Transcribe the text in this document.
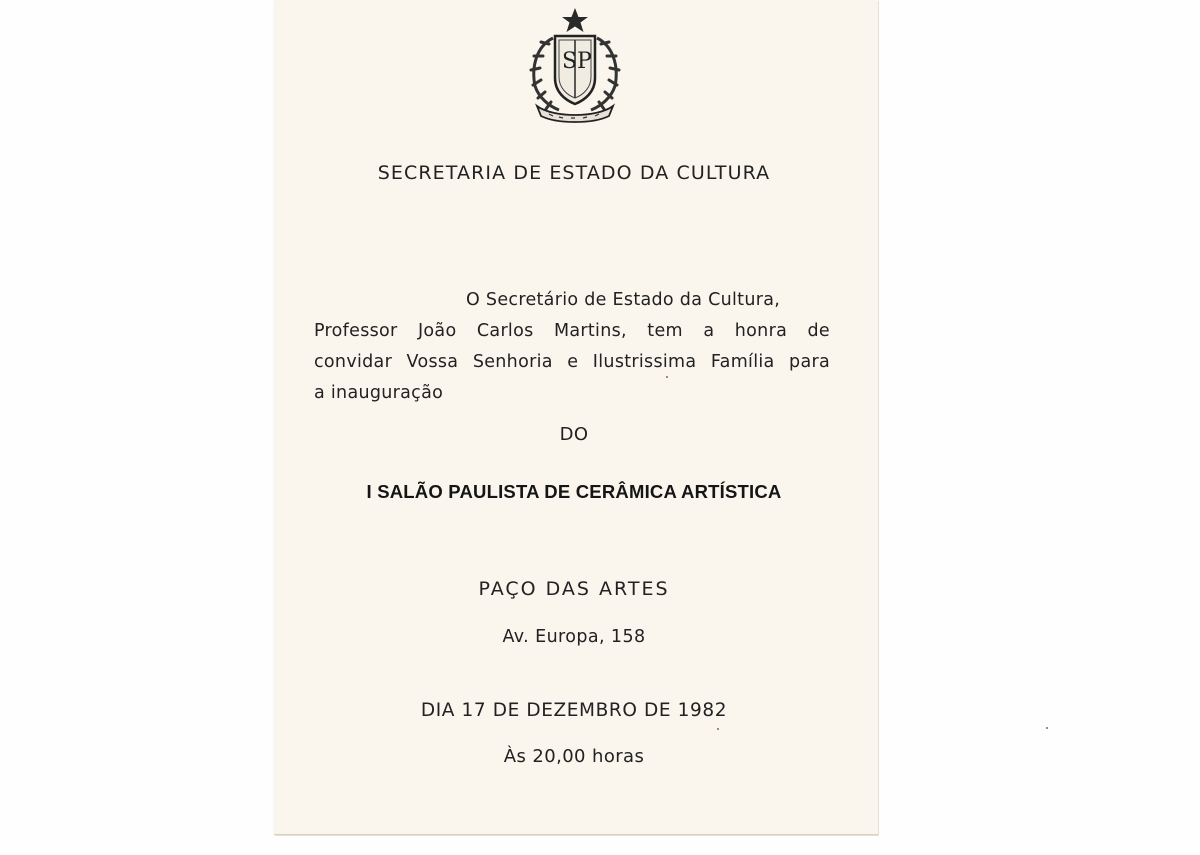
S P
SECRETARIA DE ESTADO DA CULTURA
O Secretário de Estado da Cultura,
Professor João Carlos Martins, tem a honra de
convidar Vossa Senhoria e Ilustrissima Família para
a inauguração
DO
I SALÃO PAULISTA DE CERÂMICA ARTÍSTICA
PAÇO DAS ARTES
Av. Europa, 158
DIA 17 DE DEZEMBRO DE 1982
Às 20,00 horas
